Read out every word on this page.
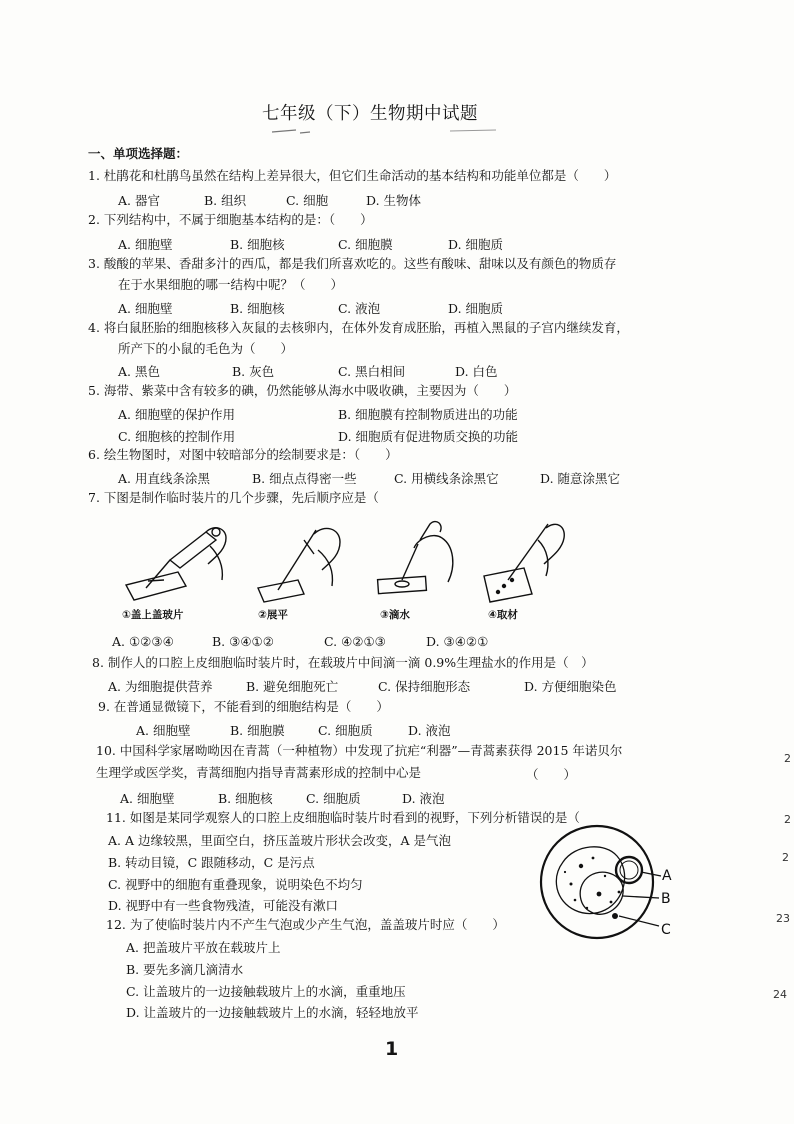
七年级（下）生物期中试题
一、单项选择题：
1. 杜鹃花和杜鹃鸟虽然在结构上差异很大，但它们生命活动的基本结构和功能单位都是（　　）
A. 器官	B. 组织	C. 细胞	D. 生物体
2. 下列结构中，不属于细胞基本结构的是：（　　）
A. 细胞壁	B. 细胞核	C. 细胞膜	D. 细胞质
3. 酸酸的苹果、香甜多汁的西瓜，都是我们所喜欢吃的。这些有酸味、甜味以及有颜色的物质存
在于水果细胞的哪一结构中呢？（　　）
A. 细胞壁	B. 细胞核	C. 液泡	D. 细胞质
4. 将白鼠胚胎的细胞核移入灰鼠的去核卵内，在体外发育成胚胎，再植入黑鼠的子宫内继续发育，
所产下的小鼠的毛色为（　　）
A. 黑色	B. 灰色	C. 黑白相间	D. 白色
5. 海带、紫菜中含有较多的碘，仍然能够从海水中吸收碘，主要因为（　　）
A. 细胞壁的保护作用	B. 细胞膜有控制物质进出的功能
C. 细胞核的控制作用	D. 细胞质有促进物质交换的功能
6. 绘生物图时，对图中较暗部分的绘制要求是：（　　）
A. 用直线条涂黑	B. 细点点得密一些	C. 用横线条涂黑它	D. 随意涂黑它
7. 下图是制作临时装片的几个步骤，先后顺序应是（
①盖上盖玻片	②展平	③滴水	④取材
A. ①②③④	B. ③④①②	C. ④②①③	D. ③④②①
8. 制作人的口腔上皮细胞临时装片时，在载玻片中间滴一滴 0.9%生理盐水的作用是（　）
A. 为细胞提供营养	B. 避免细胞死亡	C. 保持细胞形态	D. 方便细胞染色
9. 在普通显微镜下，不能看到的细胞结构是（　　）
A. 细胞壁	B. 细胞膜	C. 细胞质	D. 液泡
10. 中国科学家屠呦呦因在青蒿（一种植物）中发现了抗疟“利器”—青蒿素获得 2015 年诺贝尔
生理学或医学奖，青蒿细胞内指导青蒿素形成的控制中心是	（　　）
A. 细胞壁	B. 细胞核	C. 细胞质	D. 液泡
11. 如图是某同学观察人的口腔上皮细胞临时装片时看到的视野，下列分析错误的是（
A. A 边缘较黑，里面空白，挤压盖玻片形状会改变，A 是气泡
B. 转动目镜，C 跟随移动，C 是污点
C. 视野中的细胞有重叠现象，说明染色不均匀
D. 视野中有一些食物残渣，可能没有漱口
A
B
C
12. 为了使临时装片内不产生气泡或少产生气泡，盖盖玻片时应（　　）
A. 把盖玻片平放在载玻片上
B. 要先多滴几滴清水
C. 让盖玻片的一边接触载玻片上的水滴，重重地压
D. 让盖玻片的一边接触载玻片上的水滴，轻轻地放平
2
2
2
23
24
1
